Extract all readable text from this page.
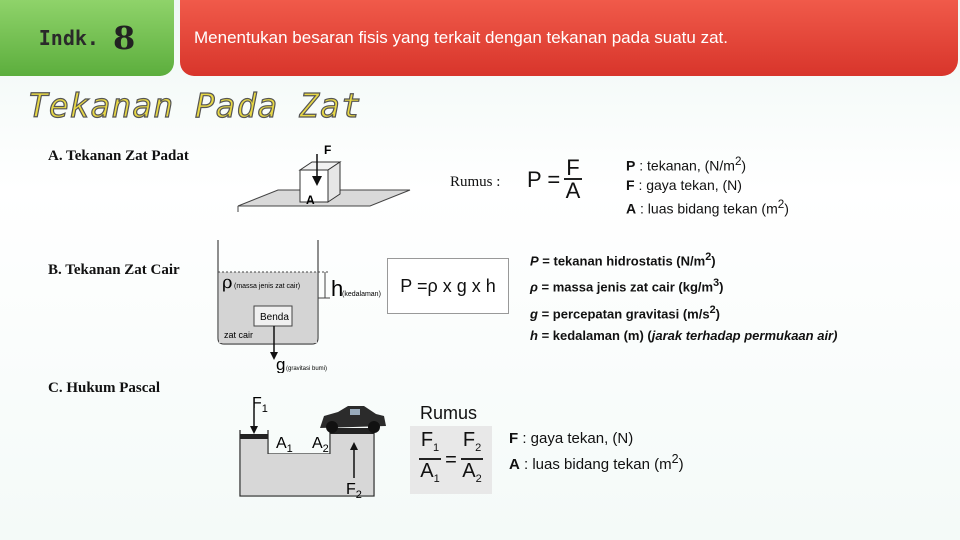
Indk. 8	Menentukan besaran fisis yang terkait dengan tekanan pada suatu zat.
Tekanan Pada Zat
A. Tekanan Zat Padat	F
A
Rumus : $P = \frac{F}{A}$	P : tekanan, $(N/m^2)$
F : gaya tekan, (N)
A : luas bidang tekan $(m^2)$
B. Tekanan Zat Cair
Benda
zat cair
ρ (massa jenis zat cair) h
(kedalaman)
g (gravitasi bumi)
P =ρ x g x h
P = tekanan hidrostatis $(N/m^2)$
ρ = massa jenis zat cair $(kg/m^3)$
g = percepatan gravitasi $(m/s^2)$
h = kedalaman (m) (jarak terhadap permukaan air)
C. Hukum Pascal
$F_1$
$A_1$ $A_2$
$F_2$
Rumus
$\frac{F_1}{A_1} = \frac{F_2}{A_2}$ F : gaya tekan, (N)
A : luas bidang tekan $(m^2)$
